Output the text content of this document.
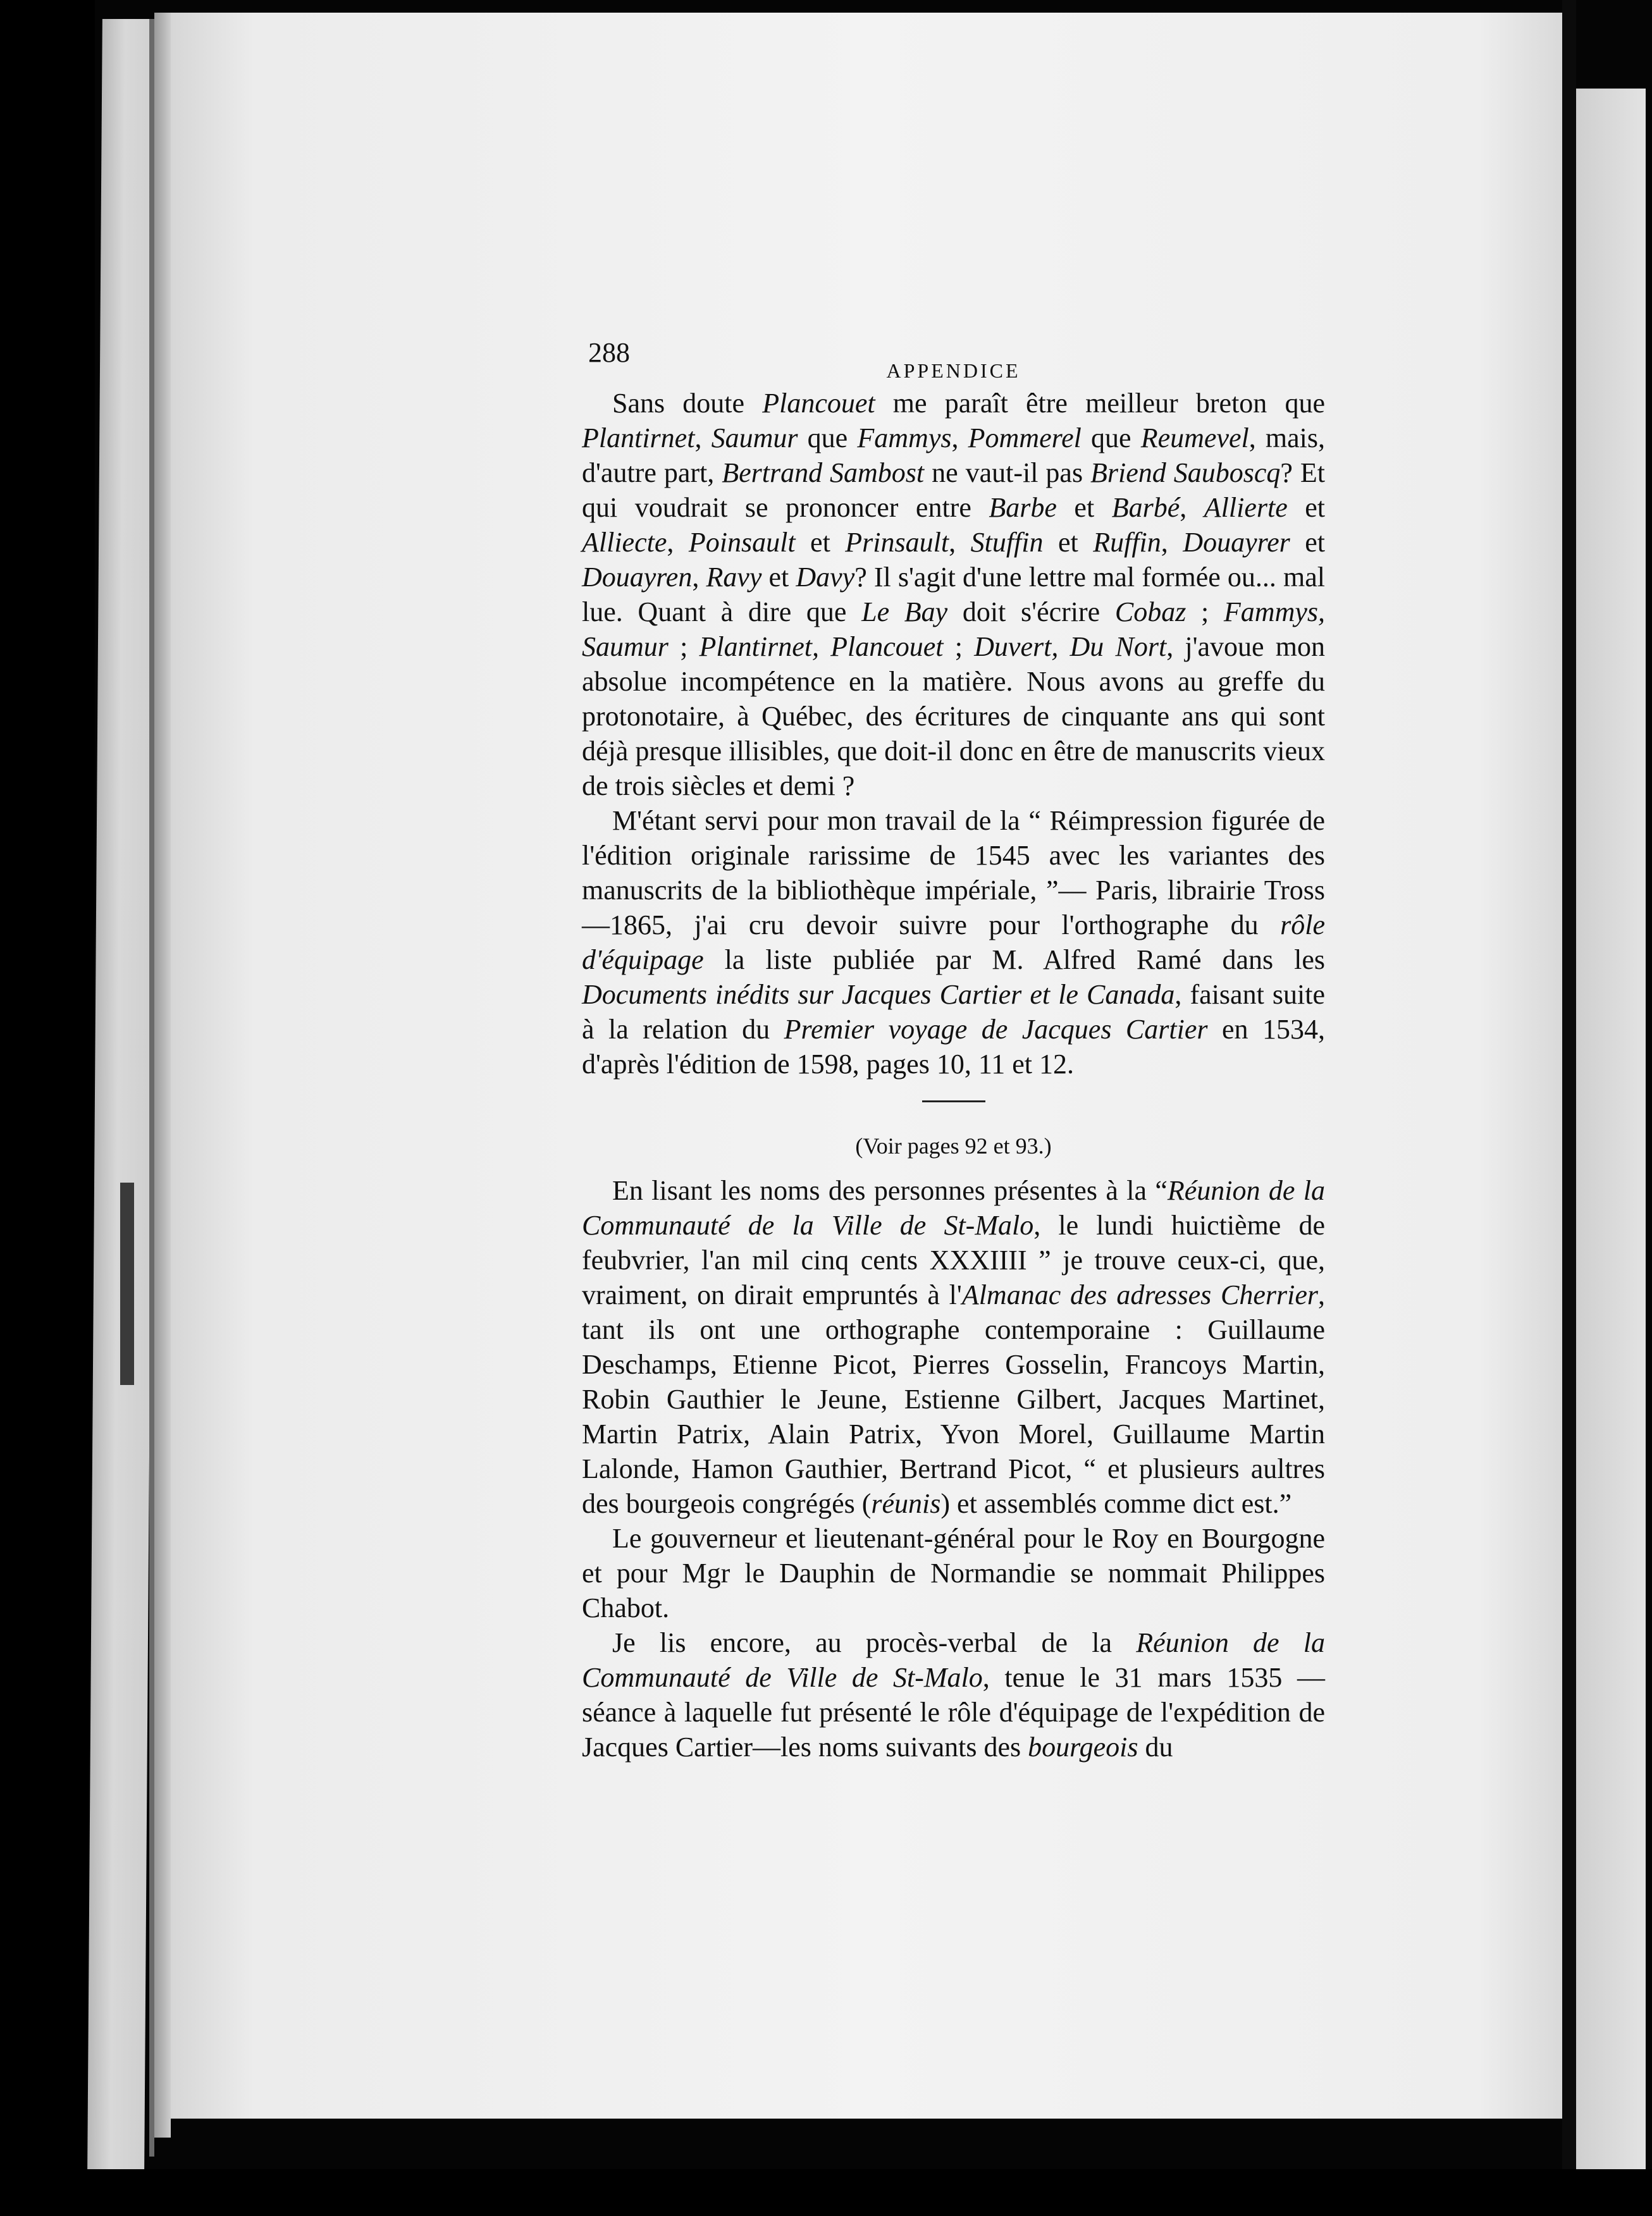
288
APPENDICE

Sans doute Plancouet me paraît être meilleur breton que Plantirnet, Saumur que Fammys, Pommerel que Reumevel, mais, d'autre part, Bertrand Sambost ne vaut-il pas Briend Sauboscq? Et qui voudrait se prononcer entre Barbe et Barbé, Allierte et Alliecte, Poinsault et Prinsault, Stuffin et Ruffin, Douayrer et Douayren, Ravy et Davy? Il s'agit d'une lettre mal formée ou... mal lue. Quant à dire que Le Bay doit s'écrire Cobaz ; Fammys, Saumur ; Plantirnet, Plancouet ; Duvert, Du Nort, j'avoue mon absolue incompétence en la matière. Nous avons au greffe du protonotaire, à Québec, des écritures de cinquante ans qui sont déjà presque illisibles, que doit-il donc en être de manuscrits vieux de trois siècles et demi ?

M'étant servi pour mon travail de la “ Réimpression figurée de l'édition originale rarissime de 1545 avec les variantes des manuscrits de la bibliothèque impériale, ”— Paris, librairie Tross—1865, j'ai cru devoir suivre pour l'orthographe du rôle d'équipage la liste publiée par M. Alfred Ramé dans les Documents inédits sur Jacques Cartier et le Canada, faisant suite à la relation du Premier voyage de Jacques Cartier en 1534, d'après l'édition de 1598, pages 10, 11 et 12.

(Voir pages 92 et 93.)

En lisant les noms des personnes présentes à la “Réunion de la Communauté de la Ville de St-Malo, le lundi huictième de feubvrier, l'an mil cinq cents XXXIIII ” je trouve ceux-ci, que, vraiment, on dirait empruntés à l'Almanac des adresses Cherrier, tant ils ont une orthographe contemporaine : Guillaume Deschamps, Etienne Picot, Pierres Gosselin, Francoys Martin, Robin Gauthier le Jeune, Estienne Gilbert, Jacques Martinet, Martin Patrix, Alain Patrix, Yvon Morel, Guillaume Martin Lalonde, Hamon Gauthier, Bertrand Picot, “ et plusieurs aultres des bourgeois congrégés (réunis) et assemblés comme dict est.”

Le gouverneur et lieutenant-général pour le Roy en Bourgogne et pour Mgr le Dauphin de Normandie se nommait Philippes Chabot.

Je lis encore, au procès-verbal de la Réunion de la Communauté de Ville de St-Malo, tenue le 31 mars 1535 — séance à laquelle fut présenté le rôle d'équipage de l'expédition de Jacques Cartier—les noms suivants des bourgeois du
